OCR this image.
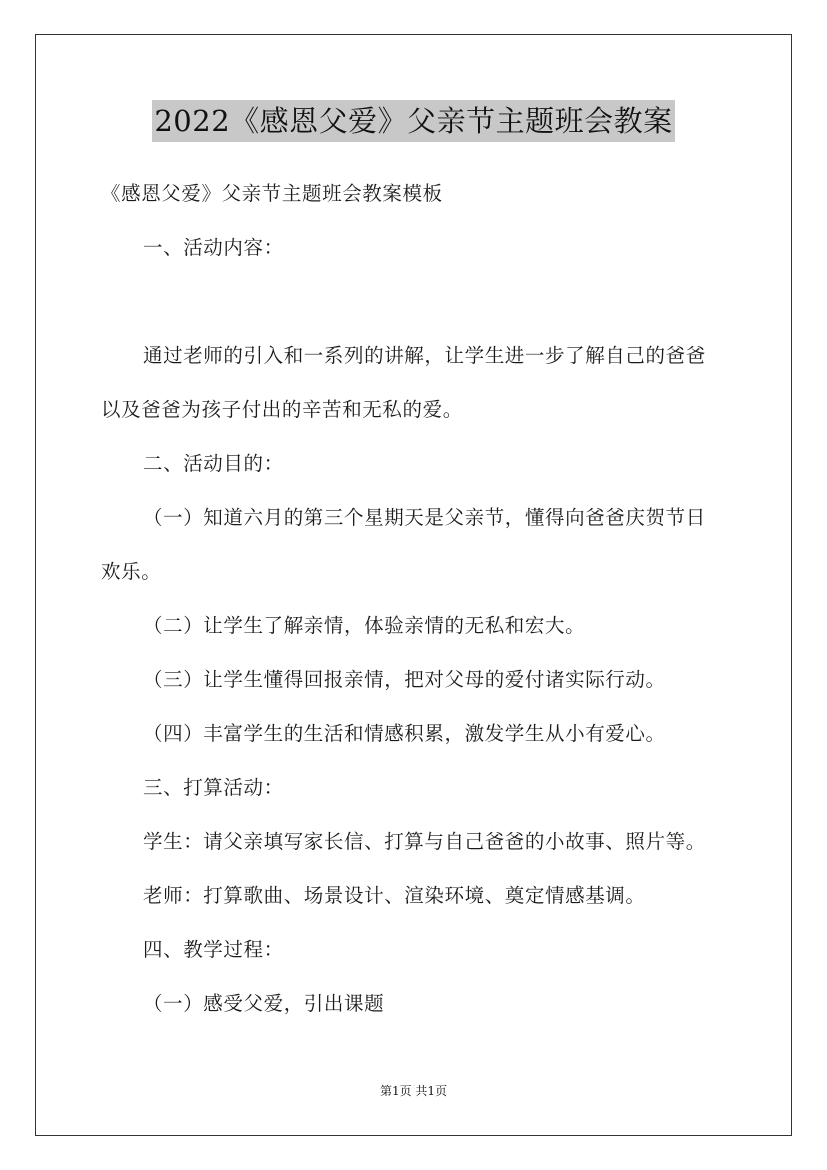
2022《感恩父爱》父亲节主题班会教案
《感恩父爱》父亲节主题班会教案模板
一、活动内容：
通过老师的引入和一系列的讲解，让学生进一步了解自己的爸爸
以及爸爸为孩子付出的辛苦和无私的爱。
二、活动目的：
（一）知道六月的第三个星期天是父亲节，懂得向爸爸庆贺节日
欢乐。
（二）让学生了解亲情，体验亲情的无私和宏大。
（三）让学生懂得回报亲情，把对父母的爱付诸实际行动。
（四）丰富学生的生活和情感积累，激发学生从小有爱心。
三、打算活动：
学生：请父亲填写家长信、打算与自己爸爸的小故事、照片等。
老师：打算歌曲、场景设计、渲染环境、奠定情感基调。
四、教学过程：
（一）感受父爱，引出课题
第1页 共1页
